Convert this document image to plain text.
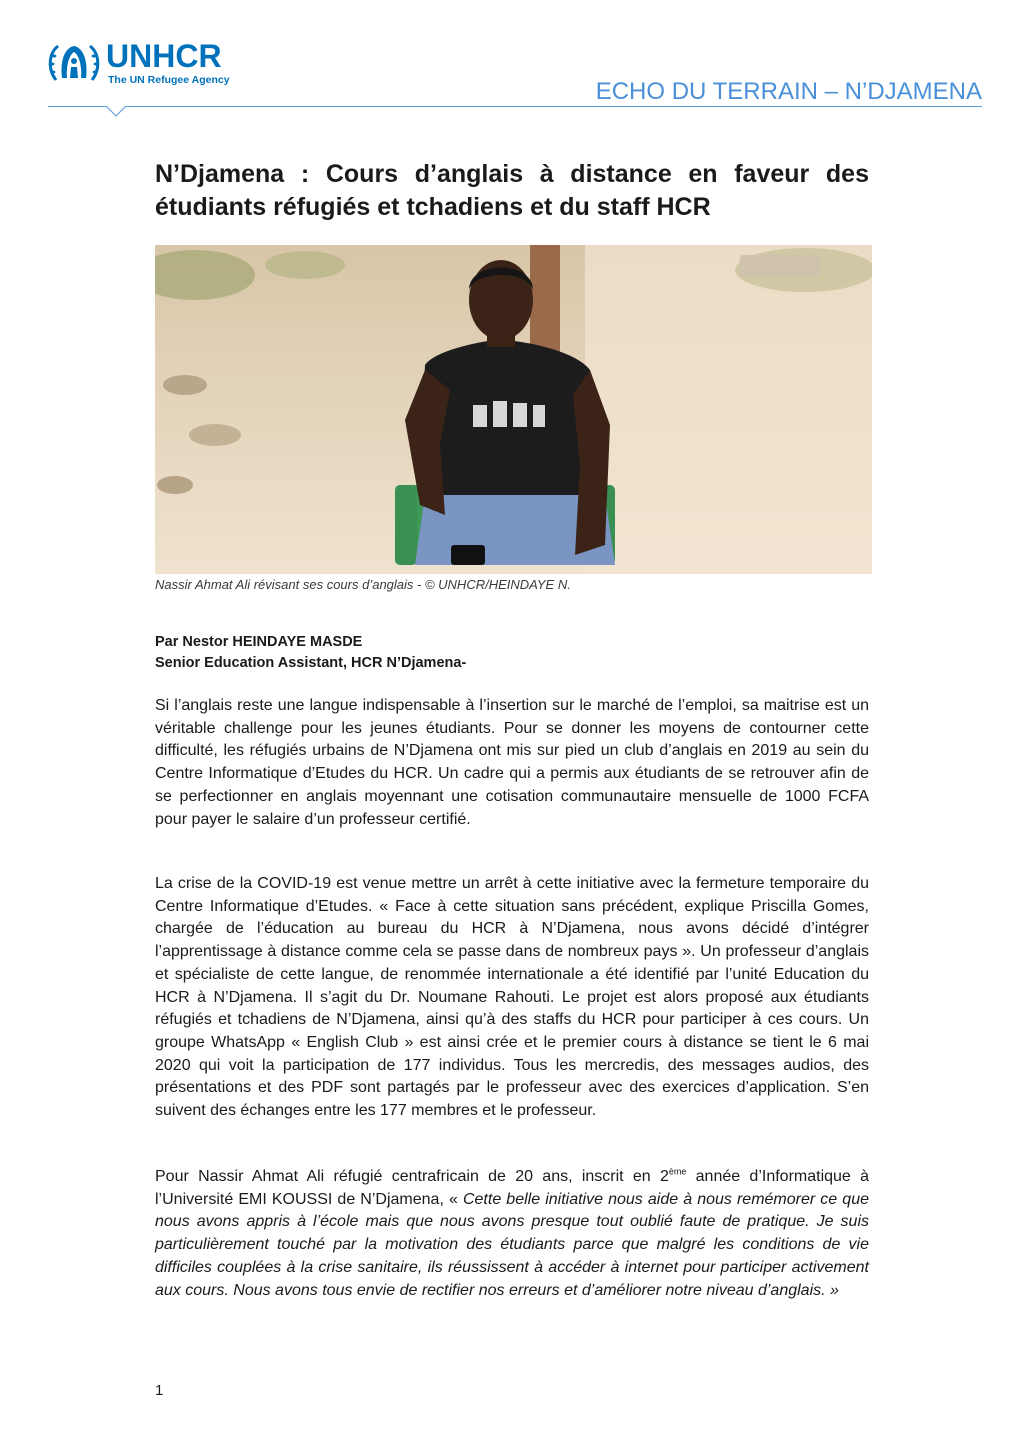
UNHCR
The UN Refugee Agency	ECHO DU TERRAIN – N’DJAMENA
N’Djamena : Cours d’anglais à distance en faveur des étudiants réfugiés et tchadiens et du staff HCR
Nassir Ahmat Ali révisant ses cours d’anglais - © UNHCR/HEINDAYE N.
Par Nestor HEINDAYE MASDE
Senior Education Assistant, HCR N’Djamena-

Si l’anglais reste une langue indispensable à l’insertion sur le marché de l’emploi, sa maitrise est un véritable challenge pour les jeunes étudiants. Pour se donner les moyens de contourner cette difficulté, les réfugiés urbains de N’Djamena ont mis sur pied un club d’anglais en 2019 au sein du Centre Informatique d’Etudes du HCR. Un cadre qui a permis aux étudiants de se retrouver afin de se perfectionner en anglais moyennant une cotisation communautaire mensuelle de 1000 FCFA pour payer le salaire d’un professeur certifié.

La crise de la COVID-19 est venue mettre un arrêt à cette initiative avec la fermeture temporaire du Centre Informatique d’Etudes. « Face à cette situation sans précédent, explique Priscilla Gomes, chargée de l’éducation au bureau du HCR à N’Djamena, nous avons décidé d’intégrer l’apprentissage à distance comme cela se passe dans de nombreux pays ». Un professeur d’anglais et spécialiste de cette langue, de renommée internationale a été identifié par l’unité Education du HCR à N’Djamena. Il s’agit du Dr. Noumane Rahouti. Le projet est alors proposé aux étudiants réfugiés et tchadiens de N’Djamena, ainsi qu’à des staffs du HCR pour participer à ces cours. Un groupe WhatsApp « English Club » est ainsi crée et le premier cours à distance se tient le 6 mai 2020 qui voit la participation de 177 individus. Tous les mercredis, des messages audios, des présentations et des PDF sont partagés par le professeur avec des exercices d’application. S’en suivent des échanges entre les 177 membres et le professeur.

Pour Nassir Ahmat Ali réfugié centrafricain de 20 ans, inscrit en 2ème année d’Informatique à l’Université EMI KOUSSI de N’Djamena, « Cette belle initiative nous aide à nous remémorer ce que nous avons appris à l’école mais que nous avons presque tout oublié faute de pratique. Je suis particulièrement touché par la motivation des étudiants parce que malgré les conditions de vie difficiles couplées à la crise sanitaire, ils réussissent à accéder à internet pour participer activement aux cours. Nous avons tous envie de rectifier nos erreurs et d’améliorer notre niveau d’anglais. »

1
